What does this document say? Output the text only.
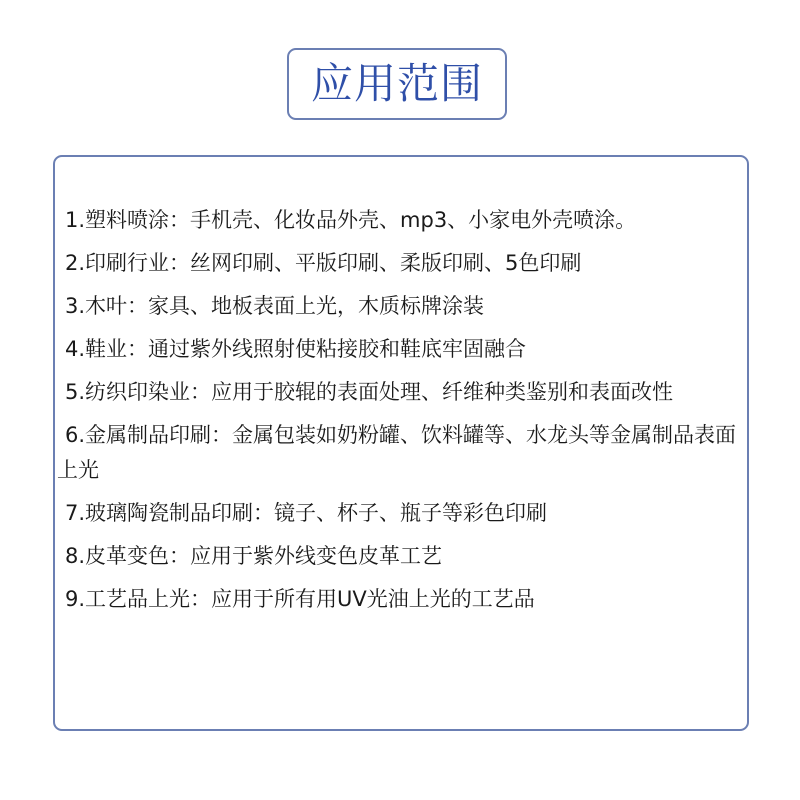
应用范围
1.塑料喷涂：手机壳、化妆品外壳、mp3、小家电外壳喷涂。
2.印刷行业：丝网印刷、平版印刷、柔版印刷、5色印刷
3.木叶：家具、地板表面上光，木质标牌涂装
4.鞋业：通过紫外线照射使粘接胶和鞋底牢固融合
5.纺织印染业：应用于胶辊的表面处理、纤维种类鉴别和表面改性
6.金属制品印刷：金属包装如奶粉罐、饮料罐等、水龙头等金属制品表面上光
7.玻璃陶瓷制品印刷：镜子、杯子、瓶子等彩色印刷
8.皮革变色：应用于紫外线变色皮革工艺
9.工艺品上光：应用于所有用UV光油上光的工艺品
